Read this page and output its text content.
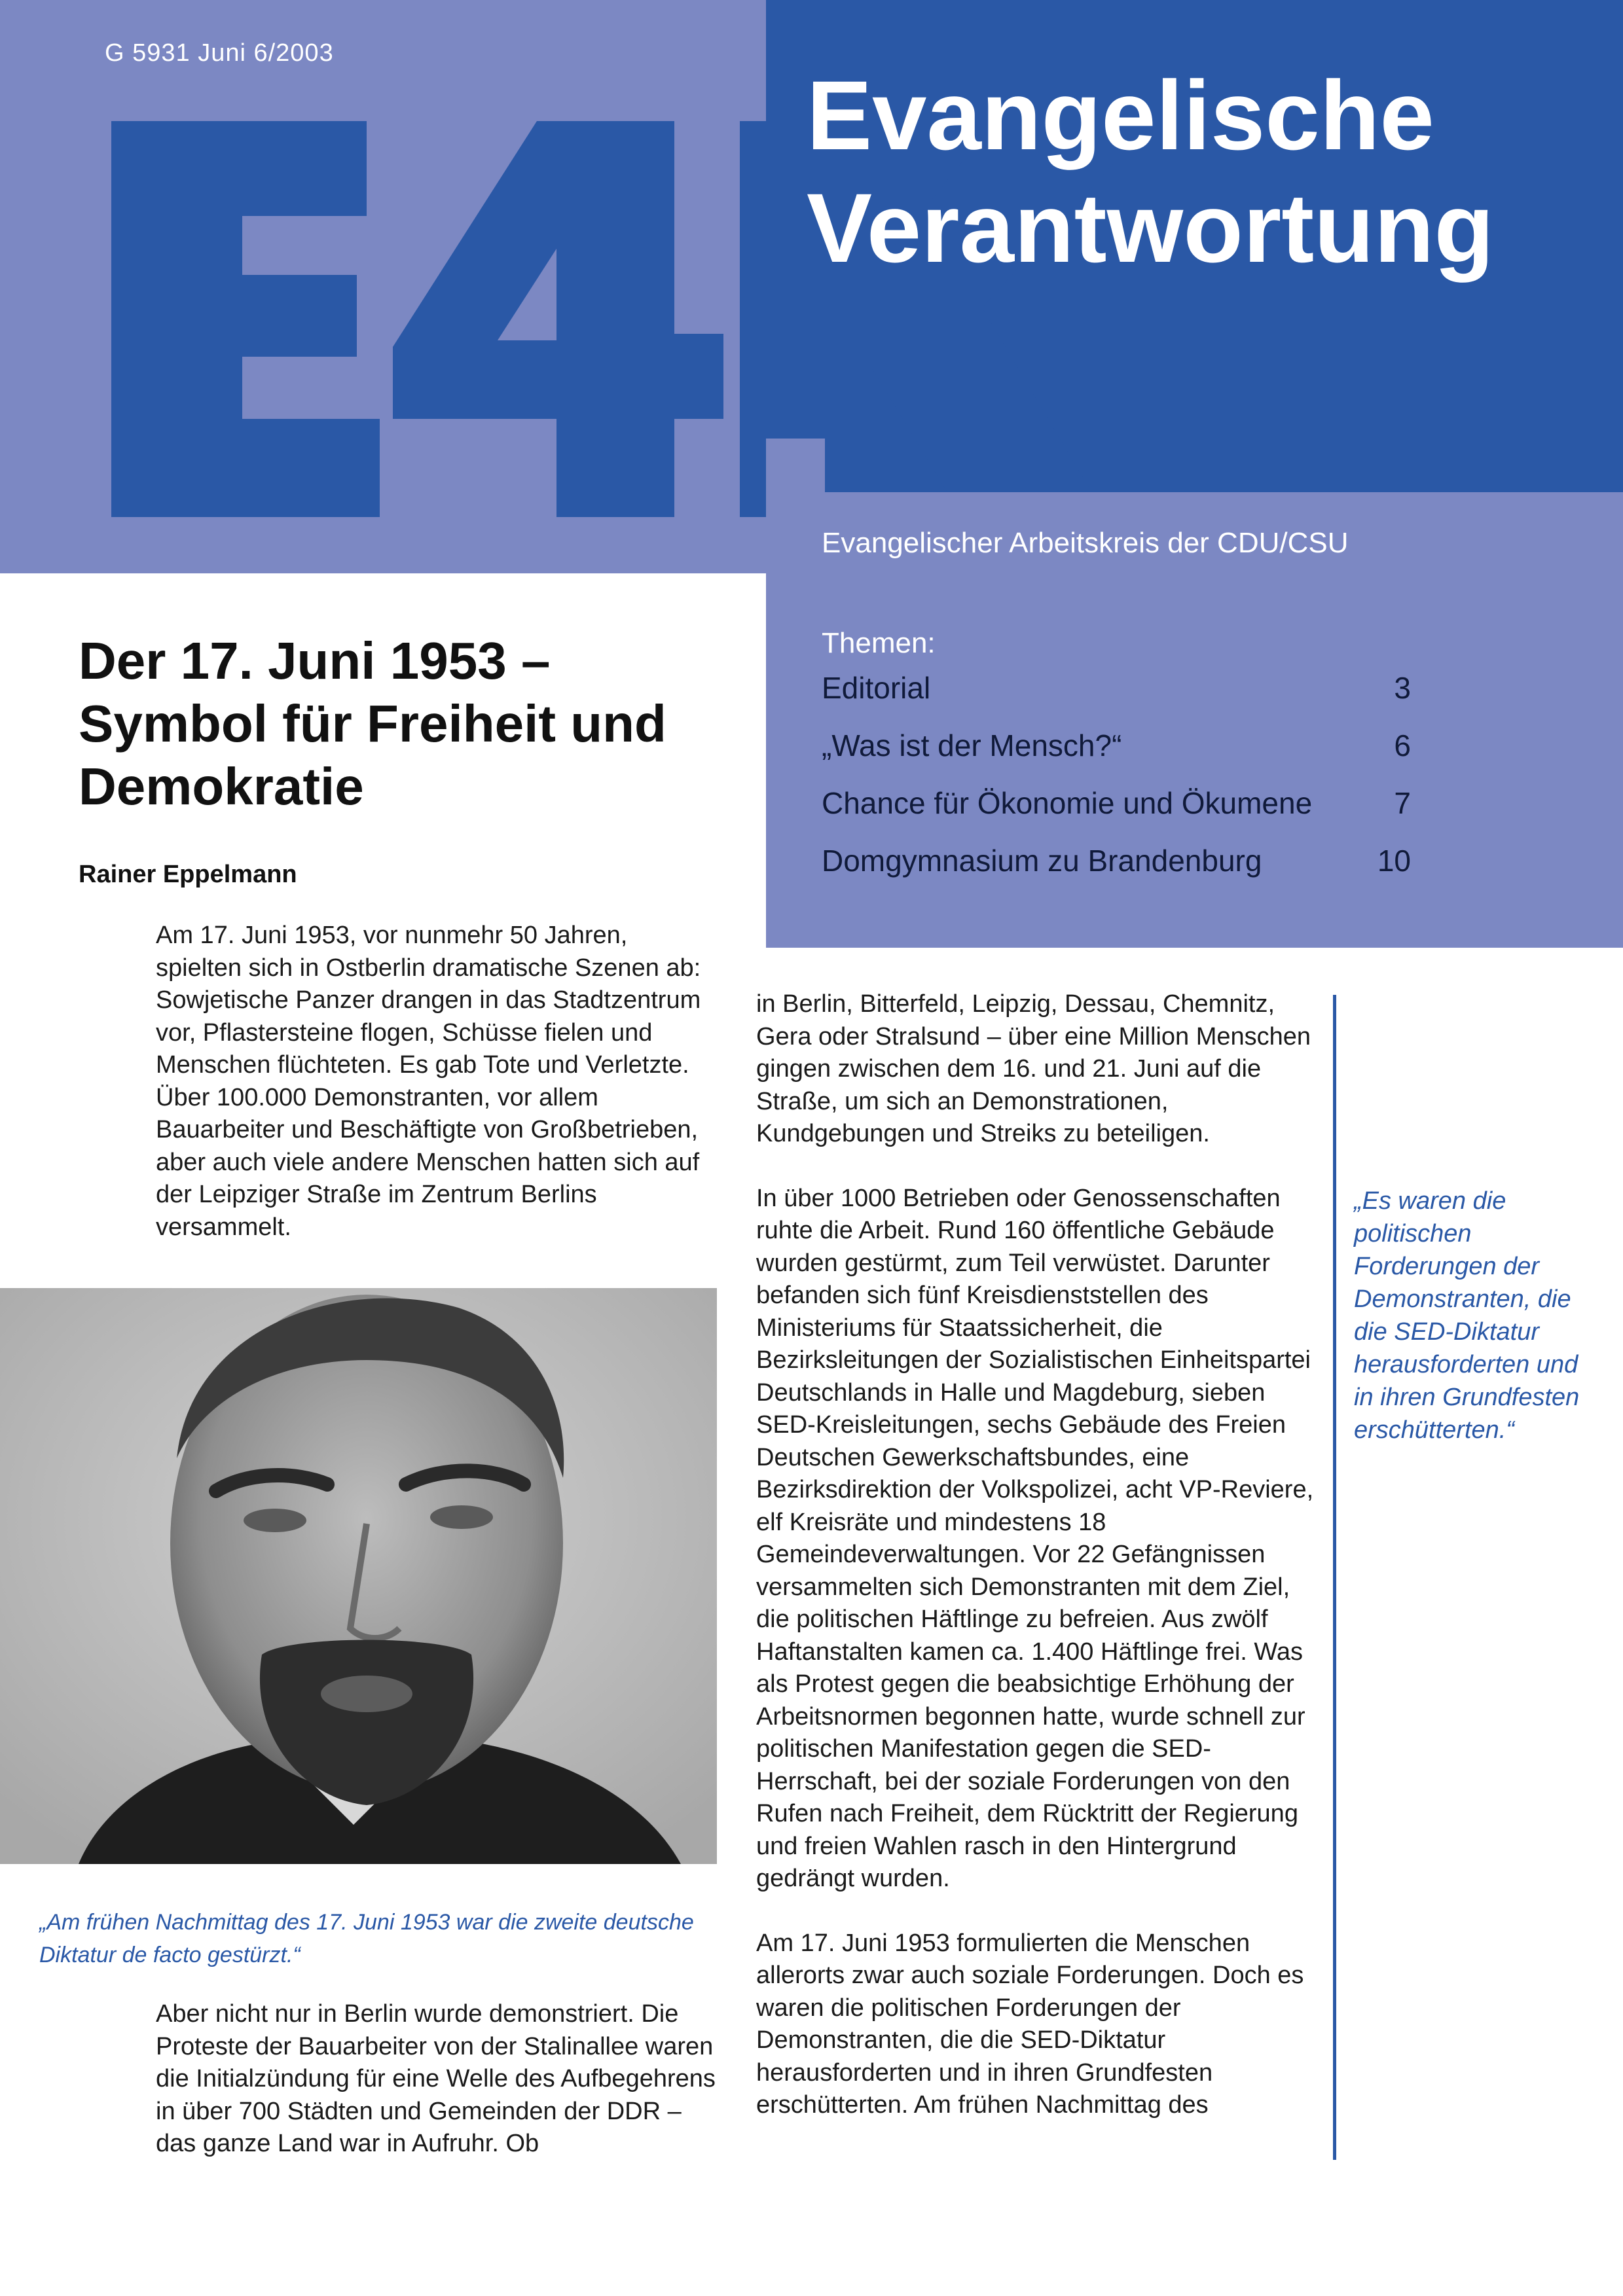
G 5931 Juni 6/2003
Evangelische
Verantwortung
Evangelischer Arbeitskreis der CDU/CSU
Themen:
Editorial	3
„Was ist der Mensch?“	6
Chance für Ökonomie und Ökumene	7
Domgymnasium zu Brandenburg	10
Der 17. Juni 1953 – Symbol für Freiheit und Demokratie
Rainer Eppelmann

Am 17. Juni 1953, vor nunmehr 50 Jahren, spielten sich in Ostberlin dramatische Szenen ab: Sowjetische Panzer drangen in das Stadtzentrum vor, Pflastersteine flogen, Schüsse fielen und Menschen flüchteten. Es gab Tote und Verletzte. Über 100.000 Demonstranten, vor allem Bauarbeiter und Beschäftigte von Großbetrieben, aber auch viele andere Menschen hatten sich auf der Leipziger Straße im Zentrum Berlins versammelt.

„Am frühen Nachmittag des 17. Juni 1953 war die zweite deutsche Diktatur de facto gestürzt.“

Aber nicht nur in Berlin wurde demonstriert. Die Proteste der Bauarbeiter von der Stalinallee waren die Initialzündung für eine Welle des Aufbegehrens in über 700 Städten und Gemeinden der DDR – das ganze Land war in Aufruhr. Ob

in Berlin, Bitterfeld, Leipzig, Dessau, Chemnitz, Gera oder Stralsund – über eine Million Menschen gingen zwischen dem 16. und 21. Juni auf die Straße, um sich an Demonstrationen, Kundgebungen und Streiks zu beteiligen.

In über 1000 Betrieben oder Genossenschaften ruhte die Arbeit. Rund 160 öffentliche Gebäude wurden gestürmt, zum Teil verwüstet. Darunter befanden sich fünf Kreisdienststellen des Ministeriums für Staatssicherheit, die Bezirksleitungen der Sozialistischen Einheitspartei Deutschlands in Halle und Magdeburg, sieben SED-Kreisleitungen, sechs Gebäude des Freien Deutschen Gewerkschaftsbundes, eine Bezirksdirektion der Volkspolizei, acht VP-Reviere, elf Kreisräte und mindestens 18 Gemeindeverwaltungen. Vor 22 Gefängnissen versammelten sich Demonstranten mit dem Ziel, die politischen Häftlinge zu befreien. Aus zwölf Haftanstalten kamen ca. 1.400 Häftlinge frei. Was als Protest gegen die beabsichtige Erhöhung der Arbeitsnormen begonnen hatte, wurde schnell zur politischen Manifestation gegen die SED-Herrschaft, bei der soziale Forderungen von den Rufen nach Freiheit, dem Rücktritt der Regierung und freien Wahlen rasch in den Hintergrund gedrängt wurden.

Am 17. Juni 1953 formulierten die Menschen allerorts zwar auch soziale Forderungen. Doch es waren die politischen Forderungen der Demonstranten, die die SED-Diktatur herausforderten und in ihren Grundfesten erschütterten. Am frühen Nachmittag des

„Es waren die politischen Forderungen der Demonstranten, die die SED-Diktatur herausforderten und in ihren Grundfesten erschütterten.“
